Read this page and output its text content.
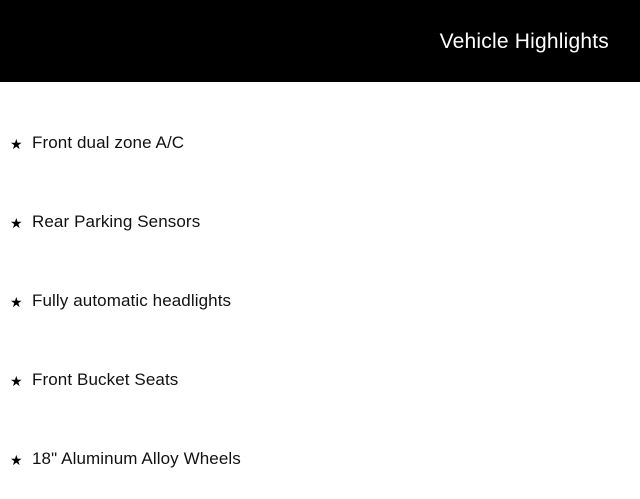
Vehicle Highlights
★ Front dual zone A/C
★ Rear Parking Sensors
★ Fully automatic headlights
★ Front Bucket Seats
★ 18" Aluminum Alloy Wheels
